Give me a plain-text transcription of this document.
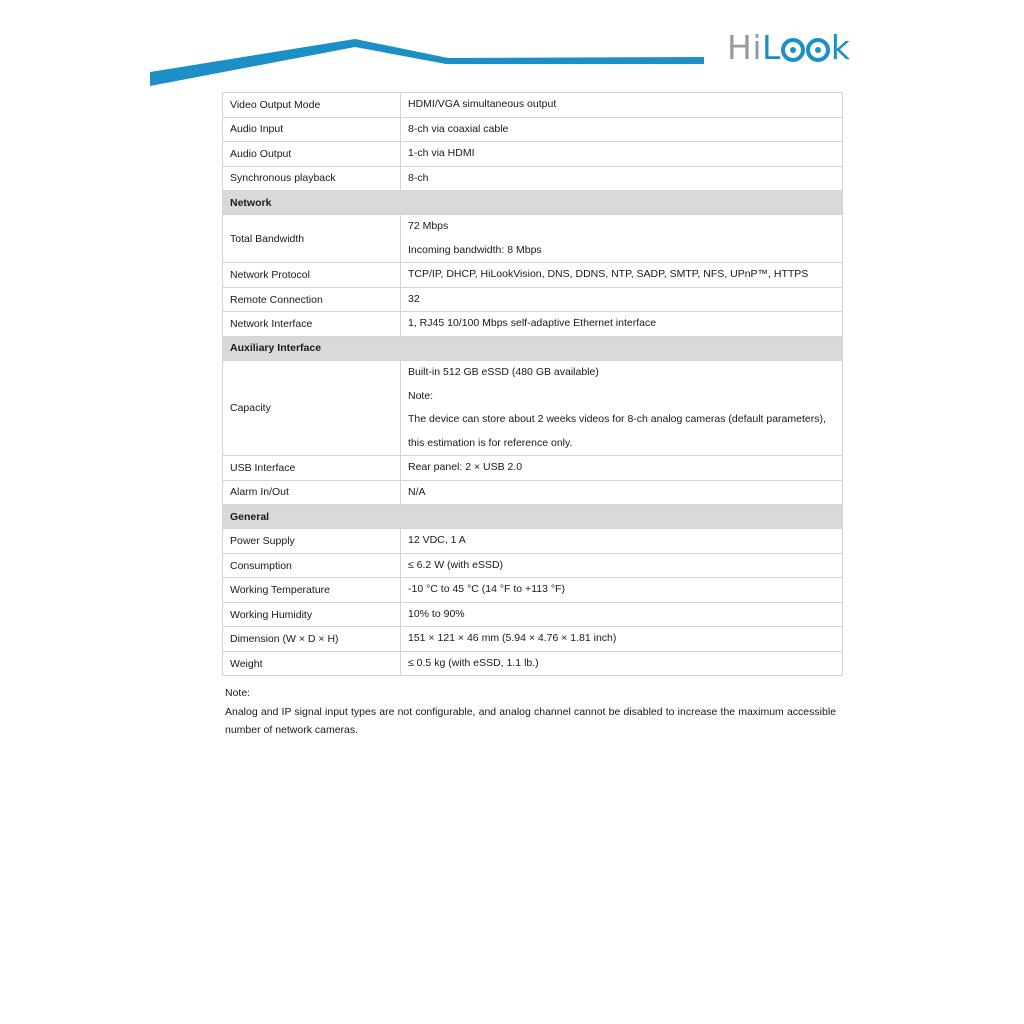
HiL k
Video Output Mode	HDMI/VGA simultaneous output

Audio Input	8-ch via coaxial cable

Audio Output	1-ch via HDMI

Synchronous playback	8-ch

Network	
Total Bandwidth	72 Mbps
Incoming bandwidth: 8 Mbps

Network Protocol	TCP/IP, DHCP, HiLookVision, DNS, DDNS, NTP, SADP, SMTP, NFS, UPnP™, HTTPS

Remote Connection	32

Network Interface	1, RJ45 10/100 Mbps self-adaptive Ethernet interface

Auxiliary Interface	
Capacity	Built-in 512 GB eSSD (480 GB available)
Note:
The device can store about 2 weeks videos for 8-ch analog cameras (default parameters),
this estimation is for reference only.

USB Interface	Rear panel: 2 × USB 2.0

Alarm In/Out	N/A

General	
Power Supply	12 VDC, 1 A

Consumption	≤ 6.2 W (with eSSD)

Working Temperature	-10 °C to 45 °C (14 °F to +113 °F)

Working Humidity	10% to 90%

Dimension (W × D × H)	151 × 121 × 46 mm (5.94 × 4.76 × 1.81 inch)

Weight	≤ 0.5 kg (with eSSD, 1.1 lb.)

Note:

Analog and IP signal input types are not configurable, and analog channel cannot be disabled to increase the maximum accessible number of network cameras.
